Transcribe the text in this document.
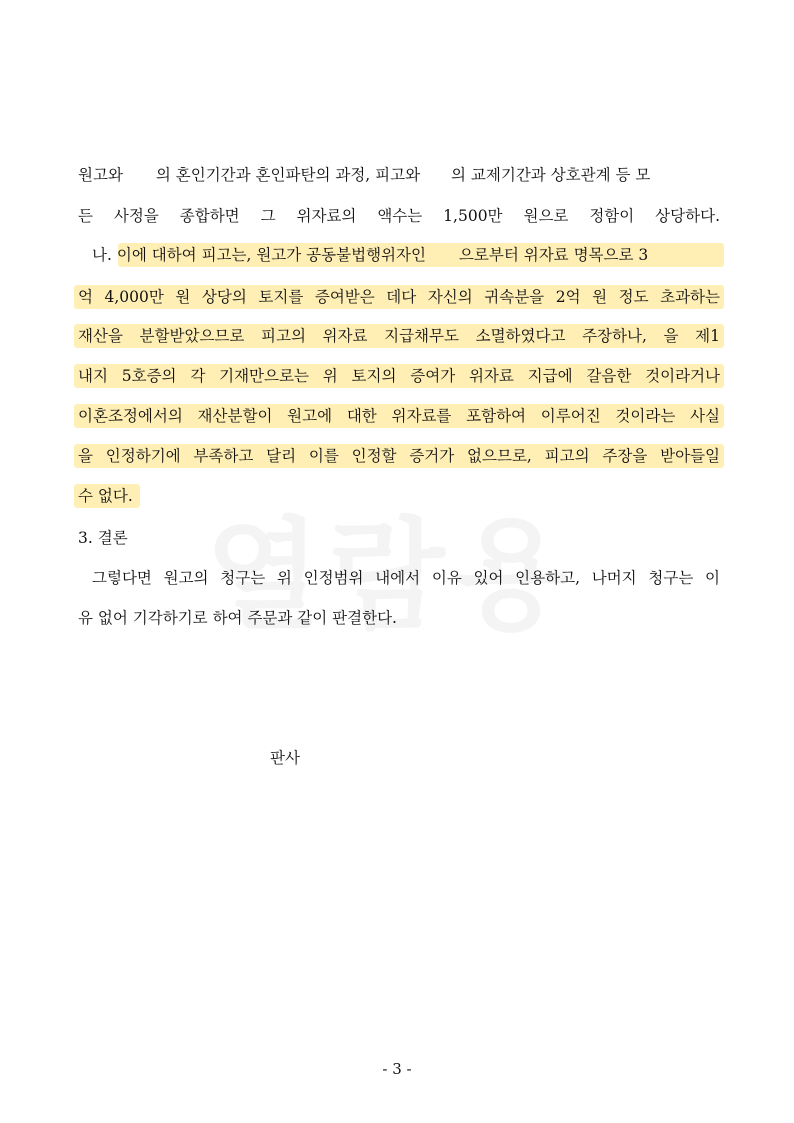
원고와 의 혼인기간과 혼인파탄의 과정, 피고와 의 교제기간과 상호관계 등 모
든 사정을 종합하면 그 위자료의 액수는 1,500만 원으로 정함이 상당하다.
나. 이에 대하여 피고는, 원고가 공동불법행위자인 으로부터 위자료 명목으로 3
억 4,000만 원 상당의 토지를 증여받은 데다 자신의 귀속분을 2억 원 정도 초과하는
재산을 분할받았으므로 피고의 위자료 지급채무도 소멸하였다고 주장하나, 을 제1
내지 5호증의 각 기재만으로는 위 토지의 증여가 위자료 지급에 갈음한 것이라거나
이혼조정에서의 재산분할이 원고에 대한 위자료를 포함하여 이루어진 것이라는 사실
을 인정하기에 부족하고 달리 이를 인정할 증거가 없으므로, 피고의 주장을 받아들일
수 없다.
3. 결론
그렇다면 원고의 청구는 위 인정범위 내에서 이유 있어 인용하고, 나머지 청구는 이
유 없어 기각하기로 하여 주문과 같이 판결한다.
판사
- 3 -
